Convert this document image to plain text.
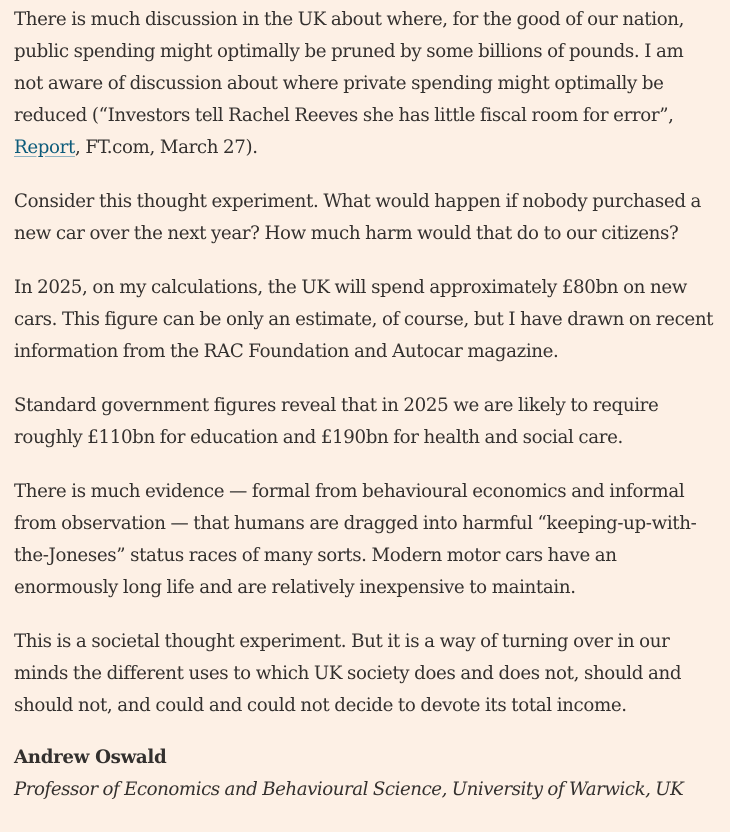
There is much discussion in the UK about where, for the good of our nation, public spending might optimally be pruned by some billions of pounds. I am not aware of discussion about where private spending might optimally be reduced (“Investors tell Rachel Reeves she has little fiscal room for error”, Report, FT.com, March 27).

Consider this thought experiment. What would happen if nobody purchased a new car over the next year? How much harm would that do to our citizens?

In 2025, on my calculations, the UK will spend approximately £80bn on new cars. This figure can be only an estimate, of course, but I have drawn on recent information from the RAC Foundation and Autocar magazine.

Standard government figures reveal that in 2025 we are likely to require roughly £110bn for education and £190bn for health and social care.

There is much evidence — formal from behavioural economics and informal from observation — that humans are dragged into harmful “keeping-up-with-the-Joneses” status races of many sorts. Modern motor cars have an enormously long life and are relatively inexpensive to maintain.

This is a societal thought experiment. But it is a way of turning over in our minds the different uses to which UK society does and does not, should and should not, and could and could not decide to devote its total income.

Andrew Oswald
Professor of Economics and Behavioural Science, University of Warwick, UK
